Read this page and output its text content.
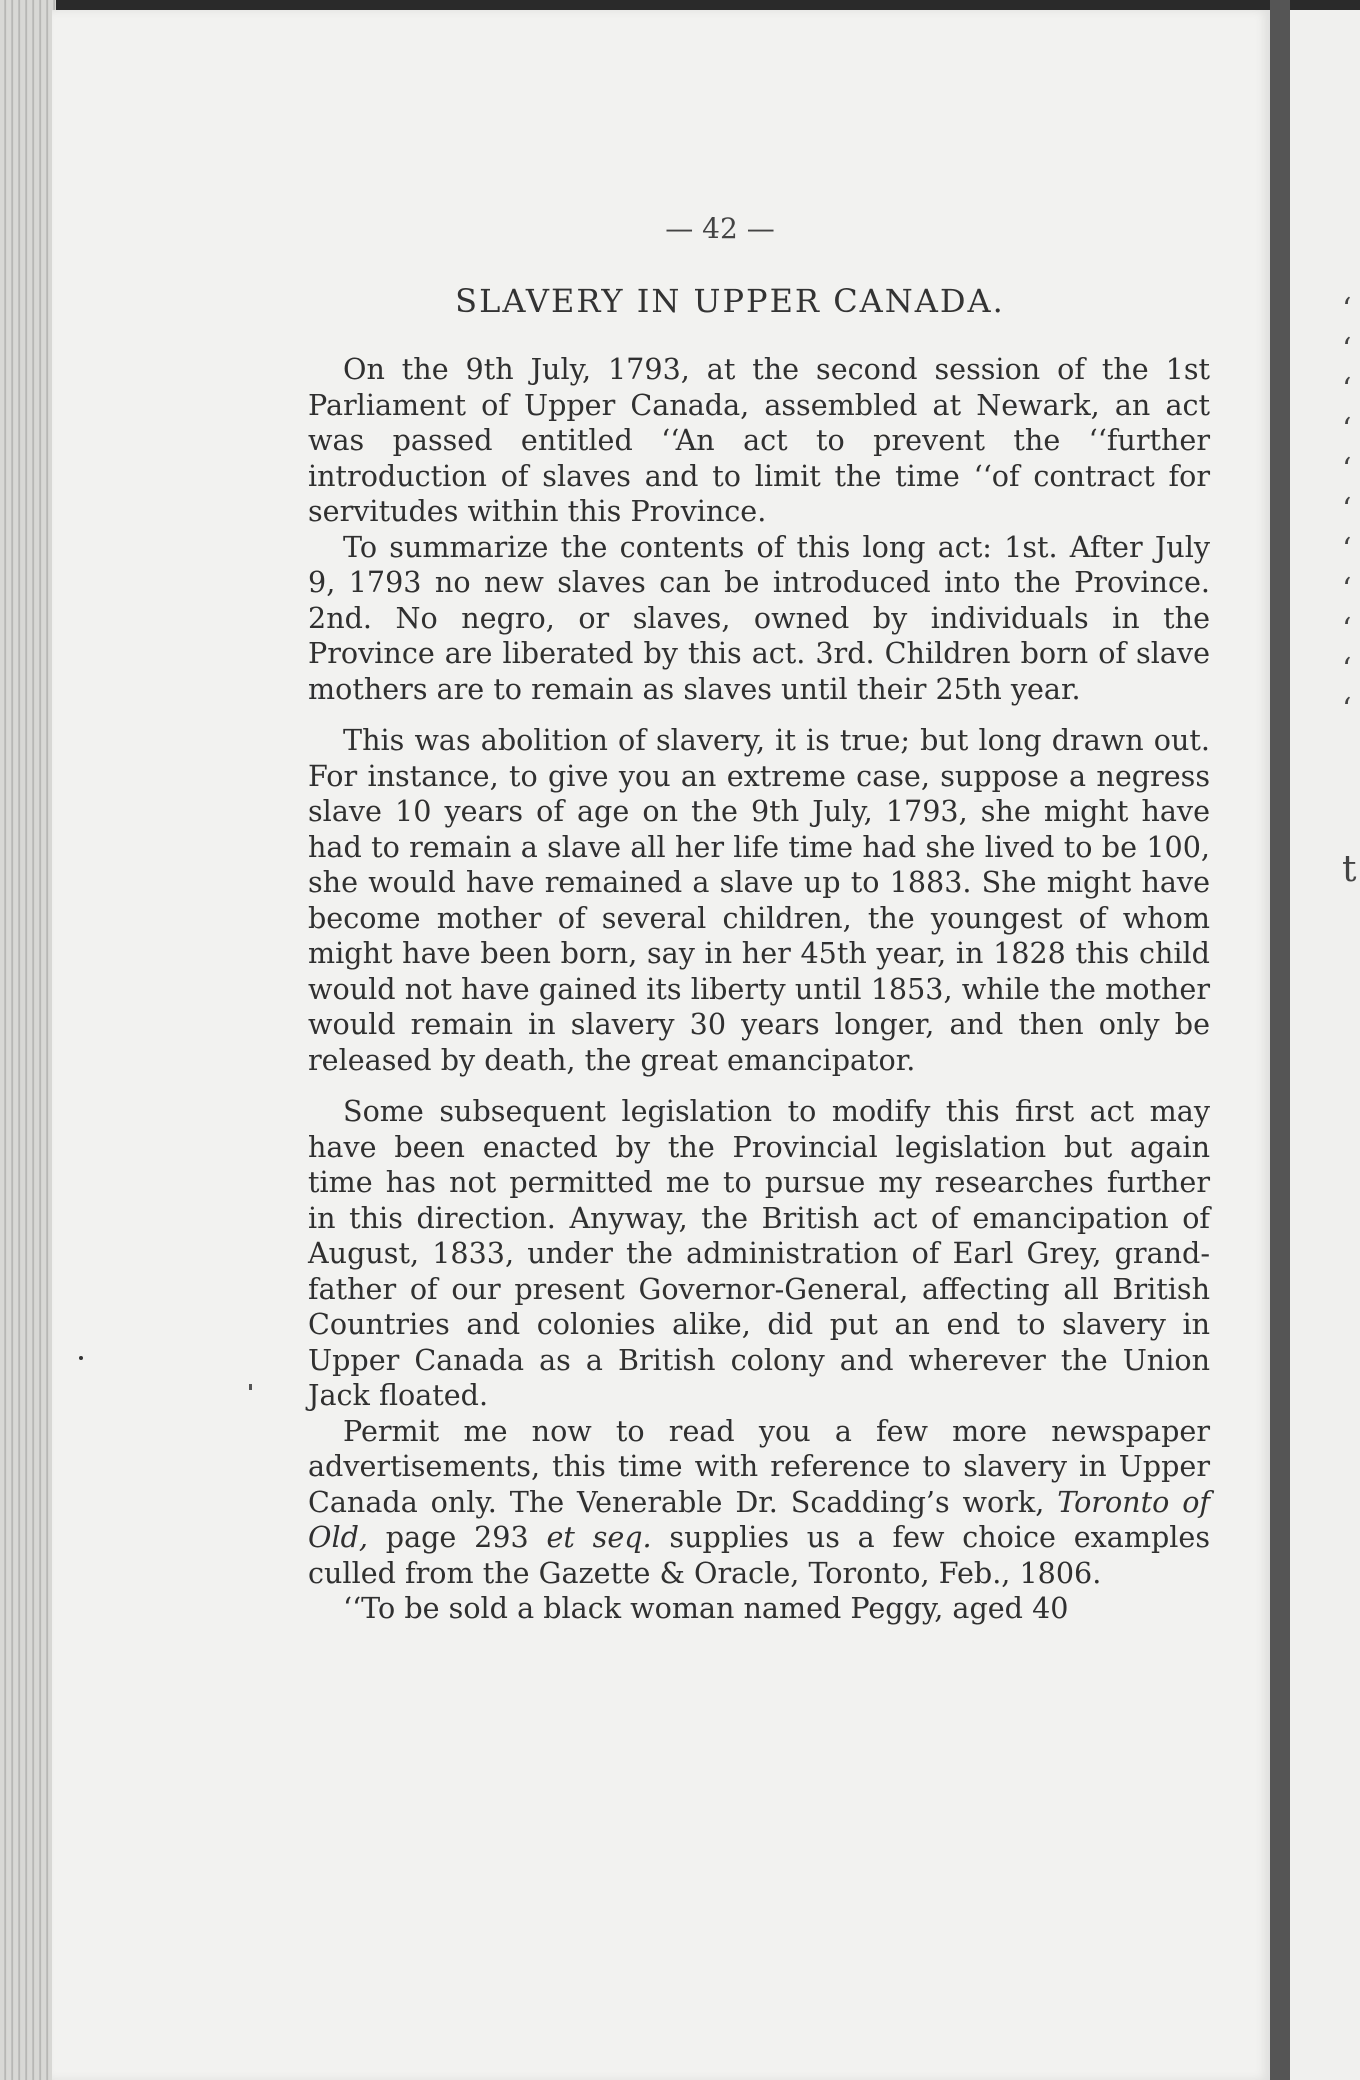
‘
‘
‘
‘
‘
‘
‘
‘
‘
‘
‘
t
— 42 —
SLAVERY IN UPPER CANADA.

On the 9th July, 1793, at the second session of the 1st Parliament of Upper Canada, assembled at Newark, an act was passed entitled ‘‘An act to prevent the ‘‘further introduction of slaves and to limit the time ‘‘of contract for servitudes within this Province.

To summarize the contents of this long act: 1st. After July 9, 1793 no new slaves can be introduced into the Province. 2nd. No negro, or slaves, owned by individuals in the Province are liberated by this act. 3rd. Children born of slave mothers are to remain as slaves until their 25th year.

This was abolition of slavery, it is true; but long drawn out. For instance, to give you an extreme case, suppose a negress slave 10 years of age on the 9th July, 1793, she might have had to remain a slave all her life time had she lived to be 100, she would have remained a slave up to 1883. She might have become mother of several children, the youngest of whom might have been born, say in her 45th year, in 1828 this child would not have gained its liberty until 1853, while the mother would remain in slavery 30 years longer, and then only be released by death, the great emancipator.

Some subsequent legislation to modify this first act may have been enacted by the Provincial legislation but again time has not permitted me to pursue my researches further in this direction. Anyway, the British act of emancipation of August, 1833, under the administration of Earl Grey, grand-father of our present Governor-General, affecting all British Countries and colonies alike, did put an end to slavery in Upper Canada as a British colony and wherever the Union Jack floated.

Permit me now to read you a few more newspaper advertisements, this time with reference to slavery in Upper Canada only. The Venerable Dr. Scadding’s work, Toronto of Old, page 293 et seq. supplies us a few choice examples culled from the Gazette & Oracle, Toronto, Feb., 1806.

‘‘To be sold a black woman named Peggy, aged 40
